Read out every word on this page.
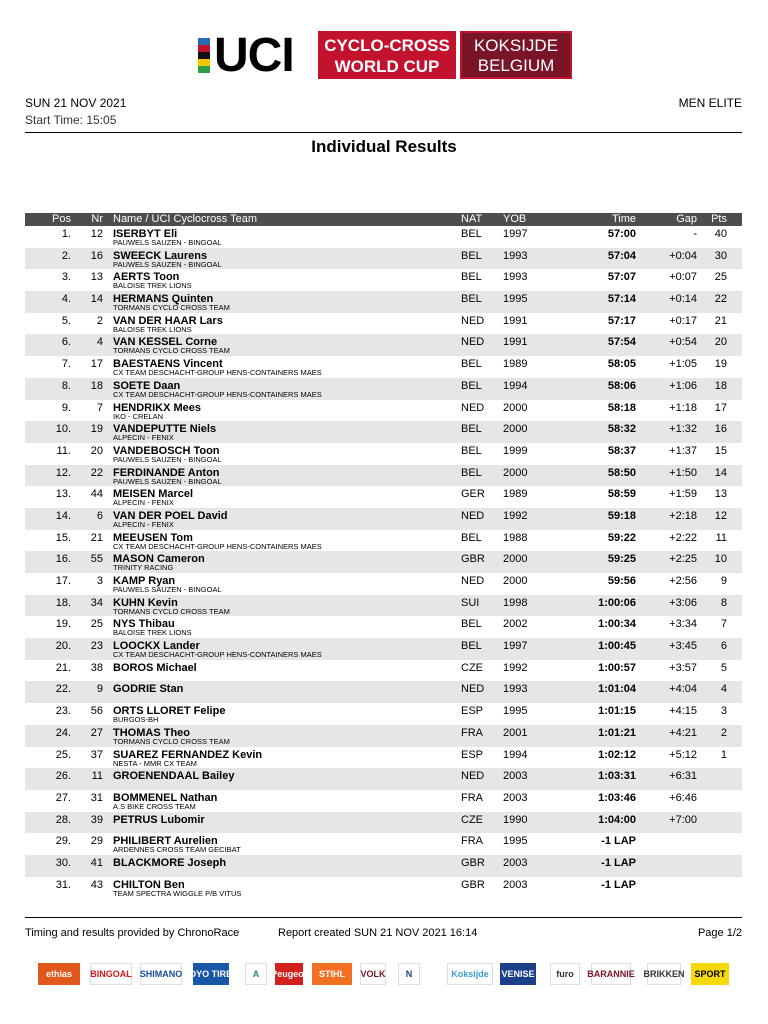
UCI	CYCLO-CROSS
WORLD CUP
KOKSIJDE
BELGIUM
SUN 21 NOV 2021	MEN ELITE
Start Time: 15:05
Individual Results
Pos	Nr Name / UCI Cyclocross Team	NAT YOB	Time	Gap	Pts
1.	12 ISERBYT Eli	BEL 1997	57:00	-	40
PAUWELS SAUZEN - BINGOAL
2.	16 SWEECK Laurens	BEL 1993	57:04	+0:04	30
PAUWELS SAUZEN - BINGOAL
3.	13 AERTS Toon	BEL 1993	57:07	+0:07	25
BALOISE TREK LIONS
4.	14 HERMANS Quinten	BEL 1995	57:14	+0:14	22
TORMANS CYCLO CROSS TEAM
5.	2 VAN DER HAAR Lars	NED 1991	57:17	+0:17	21
BALOISE TREK LIONS
6.	4 VAN KESSEL Corne	NED 1991	57:54	+0:54	20
TORMANS CYCLO CROSS TEAM
7.	17 BAESTAENS Vincent	BEL 1989	58:05	+1:05	19
CX TEAM DESCHACHT-GROUP HENS-CONTAINERS MAES
8.	18 SOETE Daan	BEL 1994	58:06	+1:06	18
CX TEAM DESCHACHT-GROUP HENS-CONTAINERS MAES
9.	7 HENDRIKX Mees	NED 2000	58:18	+1:18	17
IKO - CRELAN
10.	19 VANDEPUTTE Niels	BEL 2000	58:32	+1:32	16
ALPECIN - FENIX
11.	20 VANDEBOSCH Toon	BEL 1999	58:37	+1:37	15
PAUWELS SAUZEN - BINGOAL
12.	22 FERDINANDE Anton	BEL 2000	58:50	+1:50	14
PAUWELS SAUZEN - BINGOAL
13.	44 MEISEN Marcel	GER 1989	58:59	+1:59	13
ALPECIN - FENIX
14.	6 VAN DER POEL David	NED 1992	59:18	+2:18	12
ALPECIN - FENIX
15.	21 MEEUSEN Tom	BEL 1988	59:22	+2:22	11
CX TEAM DESCHACHT-GROUP HENS-CONTAINERS MAES
16.	55 MASON Cameron	GBR 2000	59:25	+2:25	10
TRINITY RACING
17.	3 KAMP Ryan	NED 2000	59:56	+2:56	9
PAUWELS SAUZEN - BINGOAL
18.	34 KUHN Kevin	SUI 1998	1:00:06	+3:06	8
TORMANS CYCLO CROSS TEAM
19.	25 NYS Thibau	BEL 2002	1:00:34	+3:34	7
BALOISE TREK LIONS
20.	23 LOOCKX Lander	BEL 1997	1:00:45	+3:45	6
CX TEAM DESCHACHT-GROUP HENS-CONTAINERS MAES
21.	38 BOROS Michael	CZE 1992	1:00:57	+3:57	5
22.	9 GODRIE Stan	NED 1993	1:01:04	+4:04	4
23.	56 ORTS LLORET Felipe	ESP 1995	1:01:15	+4:15	3
BURGOS-BH
24.	27 THOMAS Theo	FRA 2001	1:01:21	+4:21	2
TORMANS CYCLO CROSS TEAM
25.	37 SUAREZ FERNANDEZ Kevin	ESP 1994	1:02:12	+5:12	1
NESTA - MMR CX TEAM
26.	11 GROENENDAAL Bailey	NED 2003	1:03:31	+6:31
27.	31 BOMMENEL Nathan	FRA 2003	1:03:46	+6:46
A.S BIKE CROSS TEAM
28.	39 PETRUS Lubomir	CZE 1990	1:04:00	+7:00
29.	29 PHILIBERT Aurelien	FRA 1995	-1 LAP
ARDENNES CROSS TEAM GECIBAT
30.	41 BLACKMORE Joseph	GBR 2003	-1 LAP
31.	43 CHILTON Ben	GBR 2003	-1 LAP
TEAM SPECTRA WIGGLE P/B VITUS
Timing and results provided by ChronoRace	Report created SUN 21 NOV 2021 16:14	Page 1/2
ethias	BINGOAL SHIMANO TOYO TIRES	A	Peugeot	STIHL	VOLK	N	Koksijde	VENISE	furo	BARANNIE BRIKKEN	SPORT
